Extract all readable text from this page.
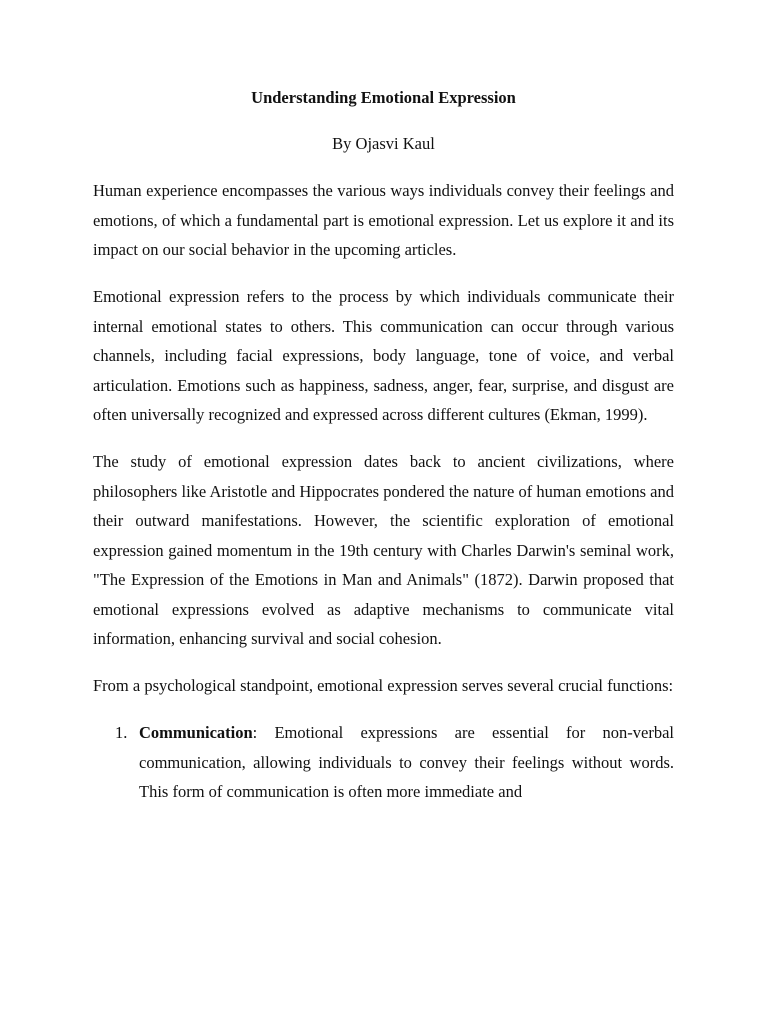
Understanding Emotional Expression
By Ojasvi Kaul

Human experience encompasses the various ways individuals convey their feelings and emotions, of which a fundamental part is emotional expression. Let us explore it and its impact on our social behavior in the upcoming articles.

Emotional expression refers to the process by which individuals communicate their internal emotional states to others. This communication can occur through various channels, including facial expressions, body language, tone of voice, and verbal articulation. Emotions such as happiness, sadness, anger, fear, surprise, and disgust are often universally recognized and expressed across different cultures (Ekman, 1999).

The study of emotional expression dates back to ancient civilizations, where philosophers like Aristotle and Hippocrates pondered the nature of human emotions and their outward manifestations. However, the scientific exploration of emotional expression gained momentum in the 19th century with Charles Darwin's seminal work, "The Expression of the Emotions in Man and Animals" (1872). Darwin proposed that emotional expressions evolved as adaptive mechanisms to communicate vital information, enhancing survival and social cohesion.

From a psychological standpoint, emotional expression serves several crucial functions:

1. Communication: Emotional expressions are essential for non-verbal communication, allowing individuals to convey their feelings without words. This form of communication is often more immediate and
